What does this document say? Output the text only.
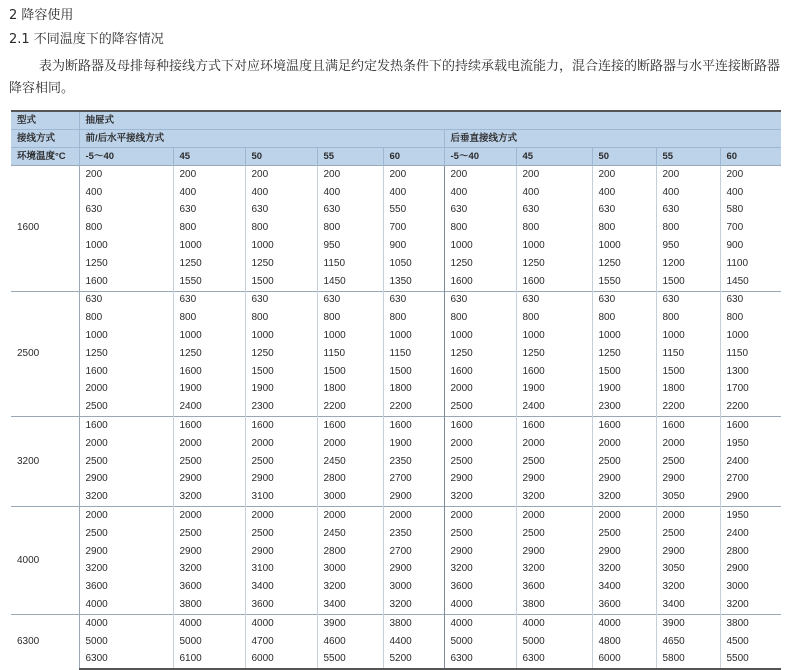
2 降容使用
2.1 不同温度下的降容情况
表为断路器及母排每种接线方式下对应环境温度且满足约定发热条件下的持续承载电流能力，混合连接的断路器与水平连接断路器降容相同。
型式	抽屉式									
接线方式	前/后水平接线方式					后垂直接线方式				
环境温度°C	-5～40	45	50	55	60	-5～40	45	50	55	60
1600	200	200	200	200	200	200	200	200	200	200
	400	400	400	400	400	400	400	400	400	400
	630	630	630	630	550	630	630	630	630	580
	800	800	800	800	700	800	800	800	800	700
	1000	1000	1000	950	900	1000	1000	1000	950	900
	1250	1250	1250	1150	1050	1250	1250	1250	1200	1100
	1600	1550	1500	1450	1350	1600	1600	1550	1500	1450
2500	630	630	630	630	630	630	630	630	630	630
	800	800	800	800	800	800	800	800	800	800
	1000	1000	1000	1000	1000	1000	1000	1000	1000	1000
	1250	1250	1250	1150	1150	1250	1250	1250	1150	1150
	1600	1600	1500	1500	1500	1600	1600	1500	1500	1300
	2000	1900	1900	1800	1800	2000	1900	1900	1800	1700
	2500	2400	2300	2200	2200	2500	2400	2300	2200	2200
3200	1600	1600	1600	1600	1600	1600	1600	1600	1600	1600
	2000	2000	2000	2000	1900	2000	2000	2000	2000	1950
	2500	2500	2500	2450	2350	2500	2500	2500	2500	2400
	2900	2900	2900	2800	2700	2900	2900	2900	2900	2700
	3200	3200	3100	3000	2900	3200	3200	3200	3050	2900
4000	2000	2000	2000	2000	2000	2000	2000	2000	2000	1950
	2500	2500	2500	2450	2350	2500	2500	2500	2500	2400
	2900	2900	2900	2800	2700	2900	2900	2900	2900	2800
	3200	3200	3100	3000	2900	3200	3200	3200	3050	2900
	3600	3600	3400	3200	3000	3600	3600	3400	3200	3000
	4000	3800	3600	3400	3200	4000	3800	3600	3400	3200
6300	4000	4000	4000	3900	3800	4000	4000	4000	3900	3800
	5000	5000	4700	4600	4400	5000	5000	4800	4650	4500
	6300	6100	6000	5500	5200	6300	6300	6000	5800	5500
